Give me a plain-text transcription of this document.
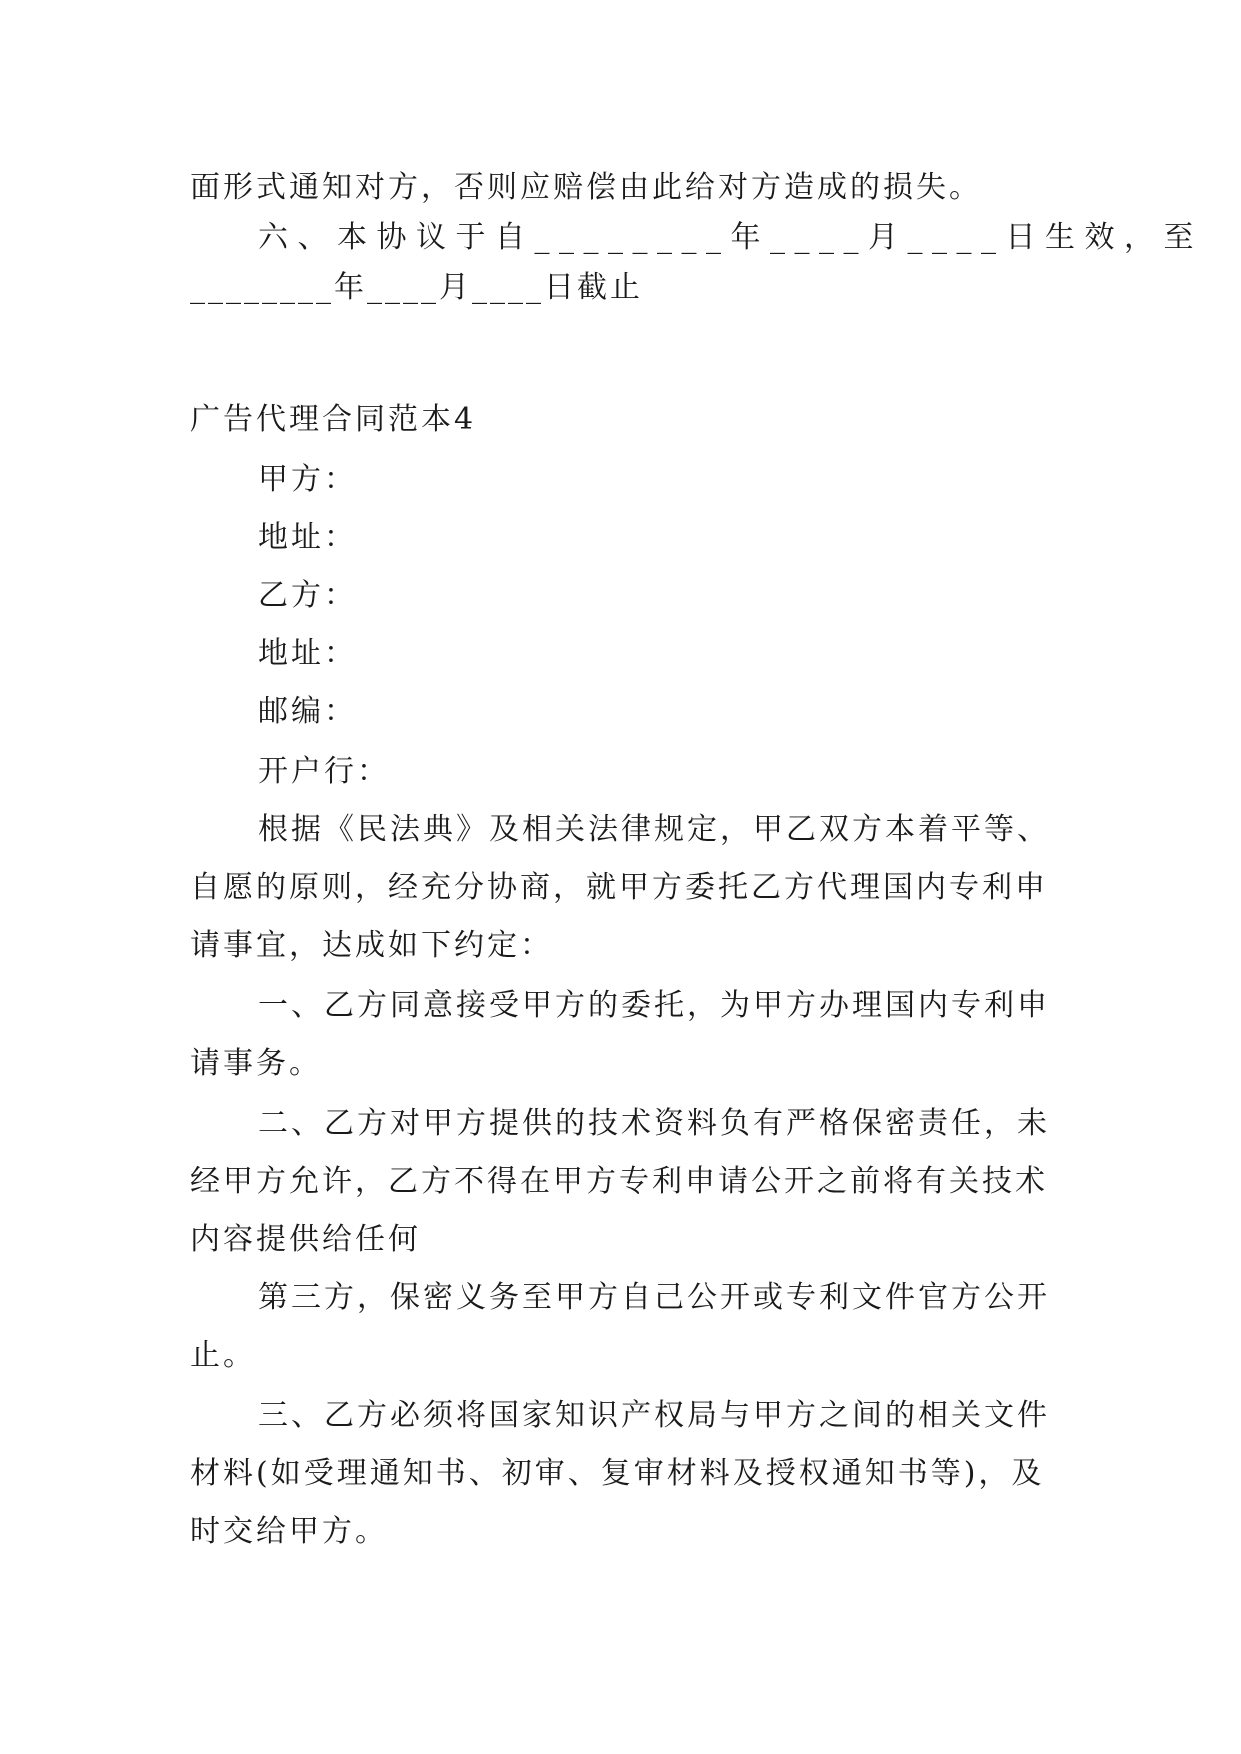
面形式通知对方，否则应赔偿由此给对方造成的损失。
六、本协议于自________年____月____日生效，至
________年____月____日截止
广告代理合同范本4
甲方：
地址：
乙方：
地址：
邮编：
开户行：
根据《民法典》及相关法律规定，甲乙双方本着平等、
自愿的原则，经充分协商，就甲方委托乙方代理国内专利申
请事宜，达成如下约定：
一、乙方同意接受甲方的委托，为甲方办理国内专利申
请事务。
二、乙方对甲方提供的技术资料负有严格保密责任，未
经甲方允许，乙方不得在甲方专利申请公开之前将有关技术
内容提供给任何
第三方，保密义务至甲方自己公开或专利文件官方公开
止。
三、乙方必须将国家知识产权局与甲方之间的相关文件
材料(如受理通知书、初审、复审材料及授权通知书等)，及
时交给甲方。
